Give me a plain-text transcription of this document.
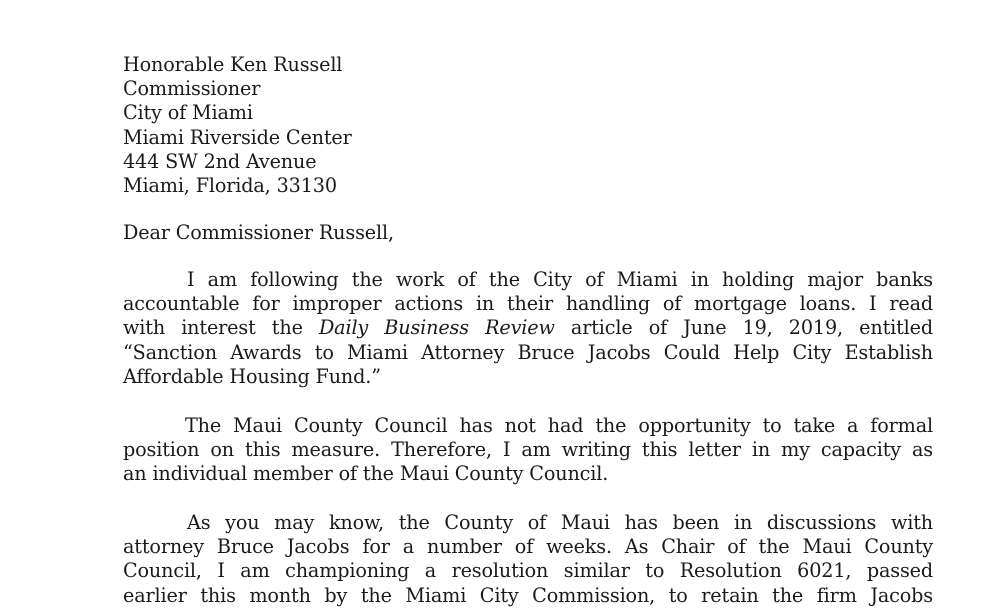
Honorable Ken Russell
Commissioner
City of Miami
Miami Riverside Center
444 SW 2nd Avenue
Miami, Florida, 33130
Dear Commissioner Russell,
I am following the work of the City of Miami in holding major banks
accountable for improper actions in their handling of mortgage loans. I read
with interest the Daily Business Review article of June 19, 2019, entitled
“Sanction Awards to Miami Attorney Bruce Jacobs Could Help City Establish
Affordable Housing Fund.”
The Maui County Council has not had the opportunity to take a formal
position on this measure. Therefore, I am writing this letter in my capacity as
an individual member of the Maui County Council.
As you may know, the County of Maui has been in discussions with
attorney Bruce Jacobs for a number of weeks. As Chair of the Maui County
Council, I am championing a resolution similar to Resolution 6021, passed
earlier this month by the Miami City Commission, to retain the firm Jacobs
